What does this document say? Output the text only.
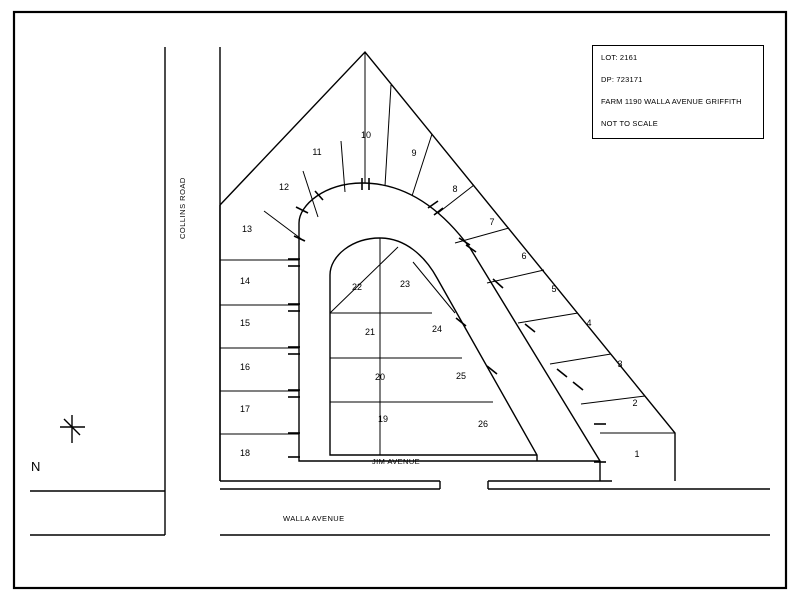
N
1
2
3
4
5
6
7
8
9
10
11
12
13
14
15
16
17
18
19
20
21
22	23
24
25
26
JIM AVENUE
WALLA AVENUE
COLLINS ROAD
LOT: 2161
DP: 723171
FARM 1190 WALLA AVENUE GRIFFITH
NOT TO SCALE
